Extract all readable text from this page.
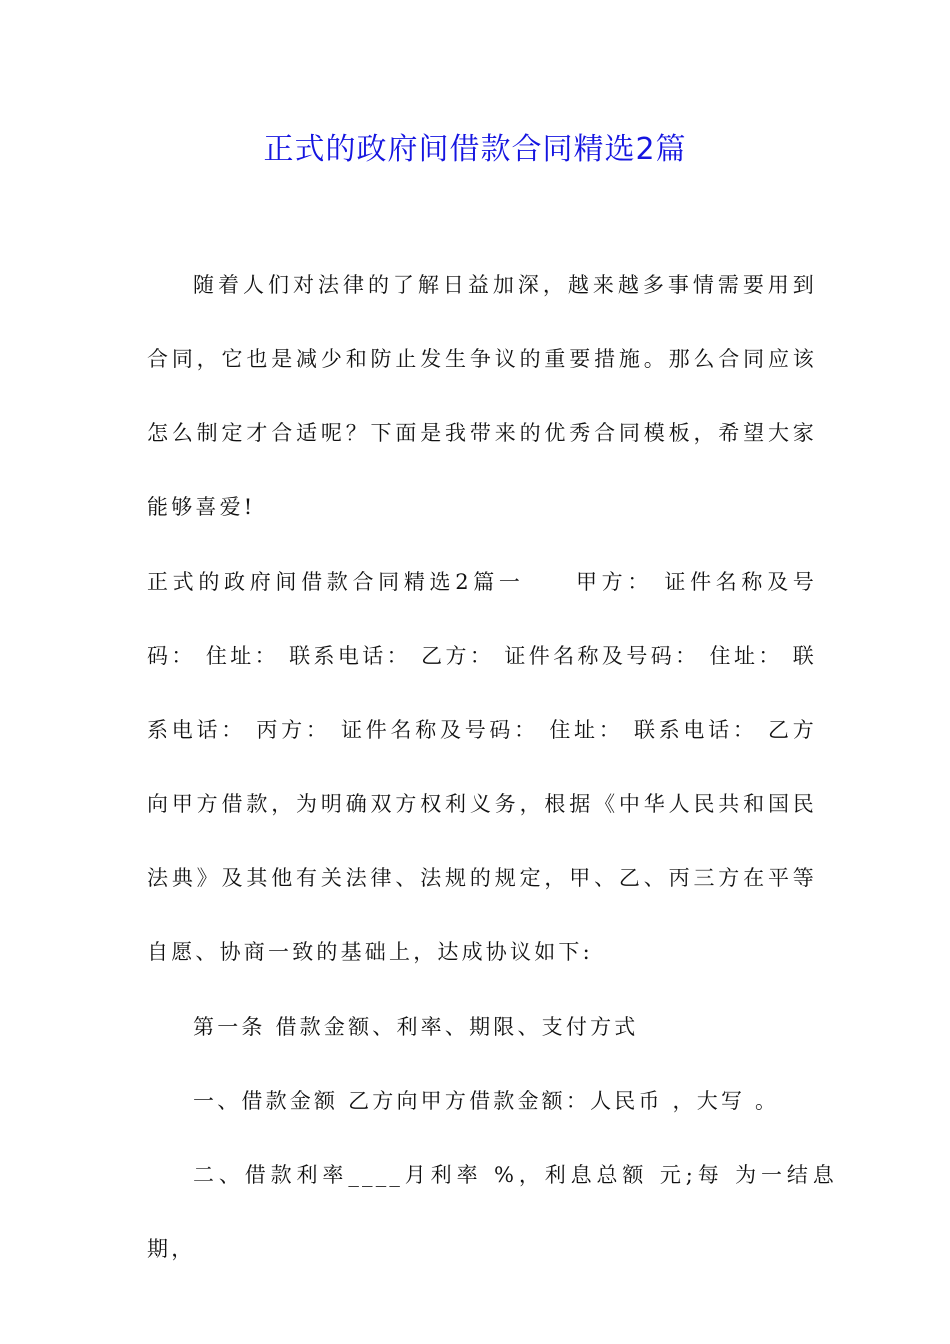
正式的政府间借款合同精选2篇
随着人们对法律的了解日益加深，越来越多事情需要用到合同，它也是减少和防止发生争议的重要措施。那么合同应该怎么制定才合适呢？下面是我带来的优秀合同模板，希望大家能够喜爱!
正式的政府间借款合同精选2篇一　　甲方： 证件名称及号码： 住址： 联系电话： 乙方： 证件名称及号码： 住址： 联系电话： 丙方： 证件名称及号码： 住址： 联系电话： 乙方向甲方借款，为明确双方权利义务，根据《中华人民共和国民法典》及其他有关法律、法规的规定，甲、乙、丙三方在平等自愿、协商一致的基础上，达成协议如下:
第一条 借款金额、利率、期限、支付方式
一、借款金额 乙方向甲方借款金额：人民币 ，大写 。
二、借款利率____月利率 %，利息总额 元;每 为一结息期，
